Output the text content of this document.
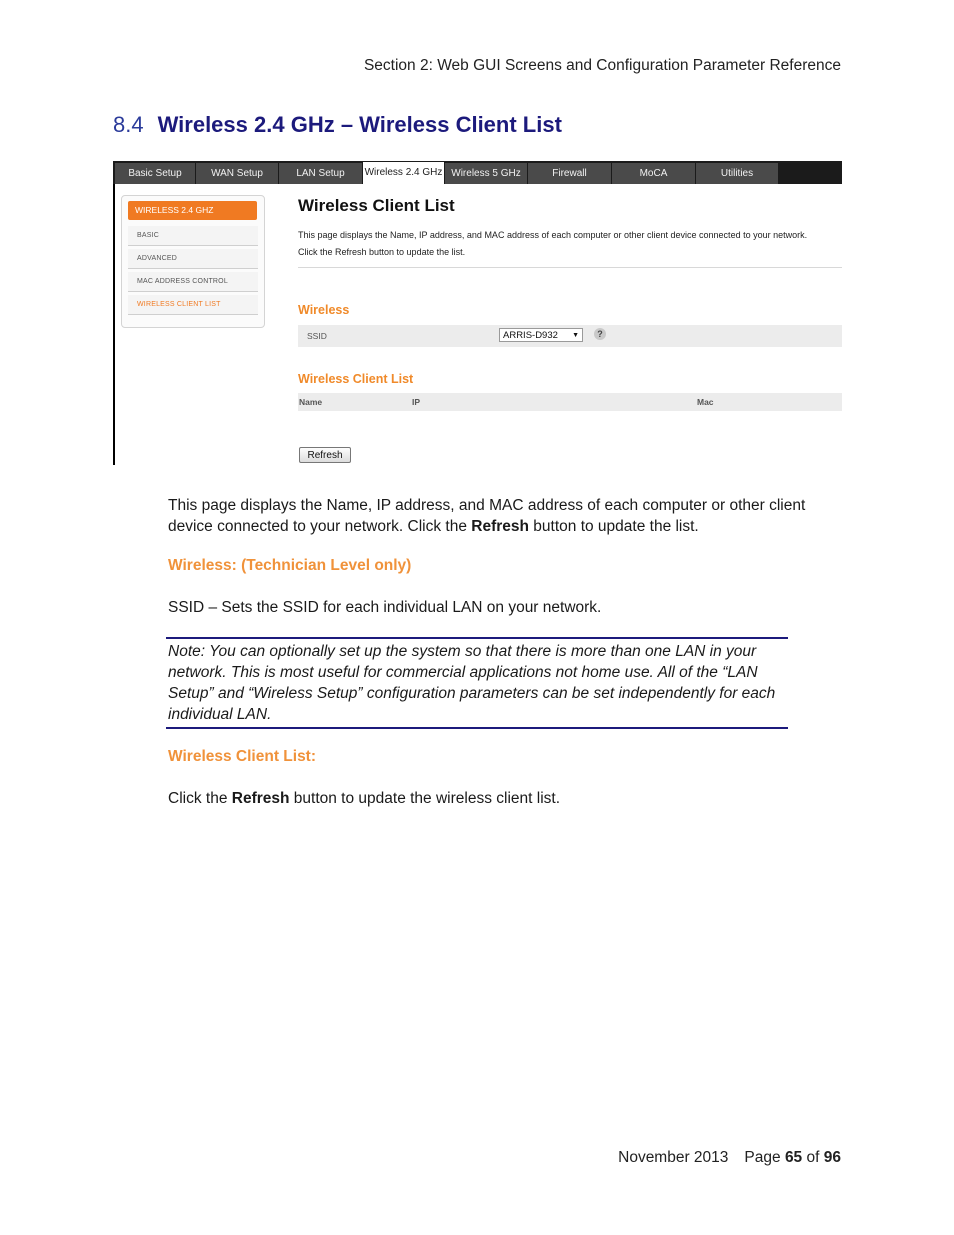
Section 2: Web GUI Screens and Configuration Parameter Reference
8.4 Wireless 2.4 GHz – Wireless Client List
Basic Setup	WAN Setup	LAN Setup	Wireless 2.4 GHz Wireless 5 GHz	Firewall	MoCA	Utilities
WIRELESS 2.4 GHZ
BASIC
ADVANCED
MAC ADDRESS CONTROL
WIRELESS CLIENT LIST
Wireless Client List
This page displays the Name, IP address, and MAC address of each computer or other client device connected to your network.
Click the Refresh button to update the list.
Wireless
SSID	ARRIS-D932 ▼	?
Wireless Client List
Name	IP	Mac
Refresh
This page displays the Name, IP address, and MAC address of each computer or other client device connected to your network. Click the Refresh button to update the list.
Wireless: (Technician Level only)
SSID – Sets the SSID for each individual LAN on your network.
Note: You can optionally set up the system so that there is more than one LAN in your network. This is most useful for commercial applications not home use. All of the “LAN Setup” and “Wireless Setup” configuration parameters can be set independently for each individual LAN.
Wireless Client List:
Click the Refresh button to update the wireless client list.
November 2013 Page 65 of 96
